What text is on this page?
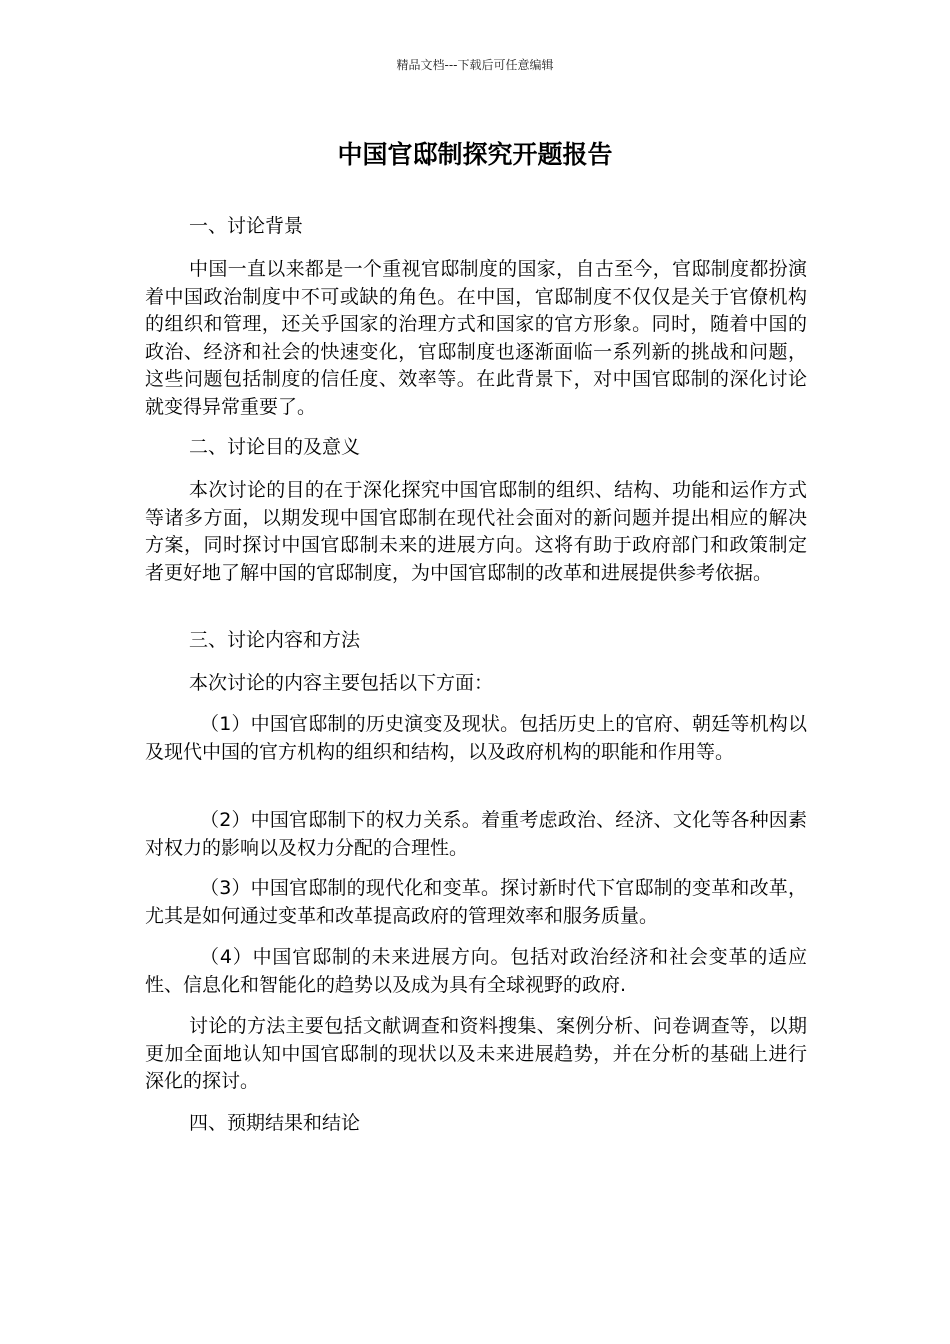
精品文档---下载后可任意编辑
中国官邸制探究开题报告

一、讨论背景

中国一直以来都是一个重视官邸制度的国家，自古至今，官邸制度都扮演着中国政治制度中不可或缺的角色。在中国，官邸制度不仅仅是关于官僚机构的组织和管理，还关乎国家的治理方式和国家的官方形象。同时，随着中国的政治、经济和社会的快速变化，官邸制度也逐渐面临一系列新的挑战和问题，这些问题包括制度的信任度、效率等。在此背景下，对中国官邸制的深化讨论就变得异常重要了。

二、讨论目的及意义

本次讨论的目的在于深化探究中国官邸制的组织、结构、功能和运作方式等诸多方面，以期发现中国官邸制在现代社会面对的新问题并提出相应的解决方案，同时探讨中国官邸制未来的进展方向。这将有助于政府部门和政策制定者更好地了解中国的官邸制度，为中国官邸制的改革和进展提供参考依据。

三、讨论内容和方法

本次讨论的内容主要包括以下方面：

（1）中国官邸制的历史演变及现状。包括历史上的官府、朝廷等机构以及现代中国的官方机构的组织和结构，以及政府机构的职能和作用等。

（2）中国官邸制下的权力关系。着重考虑政治、经济、文化等各种因素对权力的影响以及权力分配的合理性。

（3）中国官邸制的现代化和变革。探讨新时代下官邸制的变革和改革，尤其是如何通过变革和改革提高政府的管理效率和服务质量。

（4）中国官邸制的未来进展方向。包括对政治经济和社会变革的适应性、信息化和智能化的趋势以及成为具有全球视野的政府.

讨论的方法主要包括文献调查和资料搜集、案例分析、问卷调查等，以期更加全面地认知中国官邸制的现状以及未来进展趋势，并在分析的基础上进行深化的探讨。

四、预期结果和结论
